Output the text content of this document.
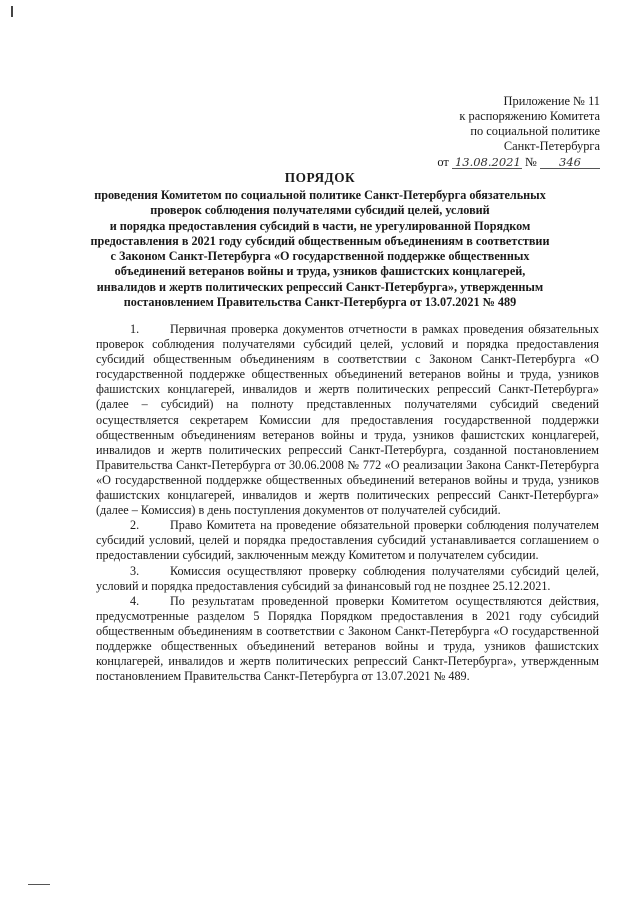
Приложение № 11
к распоряжению Комитета
по социальной политике
Санкт-Петербурга
от 13.08.2021 № 346
ПОРЯДОК
проведения Комитетом по социальной политике Санкт-Петербурга обязательных
проверок соблюдения получателями субсидий целей, условий
и порядка предоставления субсидий в части, не урегулированной Порядком
предоставления в 2021 году субсидий общественным объединениям в соответствии
с Законом Санкт-Петербурга «О государственной поддержке общественных
объединений ветеранов войны и труда, узников фашистских концлагерей,
инвалидов и жертв политических репрессий Санкт-Петербурга», утвержденным
постановлением Правительства Санкт-Петербурга от 13.07.2021 № 489

1.	Первичная проверка документов отчетности в рамках проведения обязательных проверок соблюдения получателями субсидий целей, условий и порядка предоставления субсидий общественным объединениям в соответствии с Законом Санкт-Петербурга «О государственной поддержке общественных объединений ветеранов войны и труда, узников фашистских концлагерей, инвалидов и жертв политических репрессий Санкт-Петербурга» (далее – субсидий) на полноту представленных получателями субсидий сведений осуществляется секретарем Комиссии для предоставления государственной поддержки общественным объединениям ветеранов войны и труда, узников фашистских концлагерей, инвалидов и жертв политических репрессий Санкт-Петербурга, созданной постановлением Правительства Санкт-Петербурга от 30.06.2008 № 772 «О реализации Закона Санкт-Петербурга «О государственной поддержке общественных объединений ветеранов войны и труда, узников фашистских концлагерей, инвалидов и жертв политических репрессий Санкт-Петербурга» (далее – Комиссия) в день поступления документов от получателей субсидий.

2.	Право Комитета на проведение обязательной проверки соблюдения получателем субсидий условий, целей и порядка предоставления субсидий устанавливается соглашением о предоставлении субсидий, заключенным между Комитетом и получателем субсидии.

3.	Комиссия осуществляют проверку соблюдения получателями субсидий целей, условий и порядка предоставления субсидий за финансовый год не позднее 25.12.2021.

4.	По результатам проведенной проверки Комитетом осуществляются действия, предусмотренные разделом 5 Порядка Порядком предоставления в 2021 году субсидий общественным объединениям в соответствии с Законом Санкт-Петербурга «О государственной поддержке общественных объединений ветеранов войны и труда, узников фашистских концлагерей, инвалидов и жертв политических репрессий Санкт-Петербурга», утвержденным постановлением Правительства Санкт-Петербурга от 13.07.2021 № 489.
